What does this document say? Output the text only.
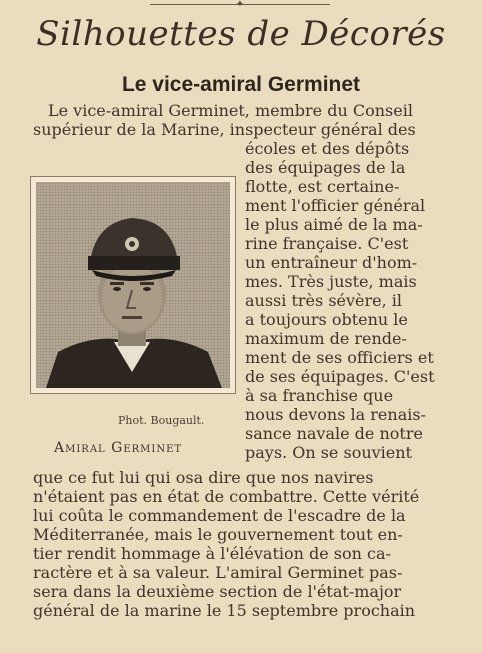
✦
Silhouettes de Décorés
Le vice-amiral Germinet
Le vice-amiral Germinet, membre du Conseil
supérieur de la Marine, inspecteur général des
Phot. Bougault.
Amiral Germinet
écoles et des dépôts
des équipages de la
flotte, est certaine-
ment l'officier général
le plus aimé de la ma-
rine française. C'est
un entraîneur d'hom-
mes. Très juste, mais
aussi très sévère, il
a toujours obtenu le
maximum de rende-
ment de ses officiers et
de ses équipages. C'est
à sa franchise que
nous devons la renais-
sance navale de notre
pays. On se souvient
que ce fut lui qui osa dire que nos navires
n'étaient pas en état de combattre. Cette vérité
lui coûta le commandement de l'escadre de la
Méditerranée, mais le gouvernement tout en-
tier rendit hommage à l'élévation de son ca-
ractère et à sa valeur. L'amiral Germinet pas-
sera dans la deuxième section de l'état-major
général de la marine le 15 septembre prochain
